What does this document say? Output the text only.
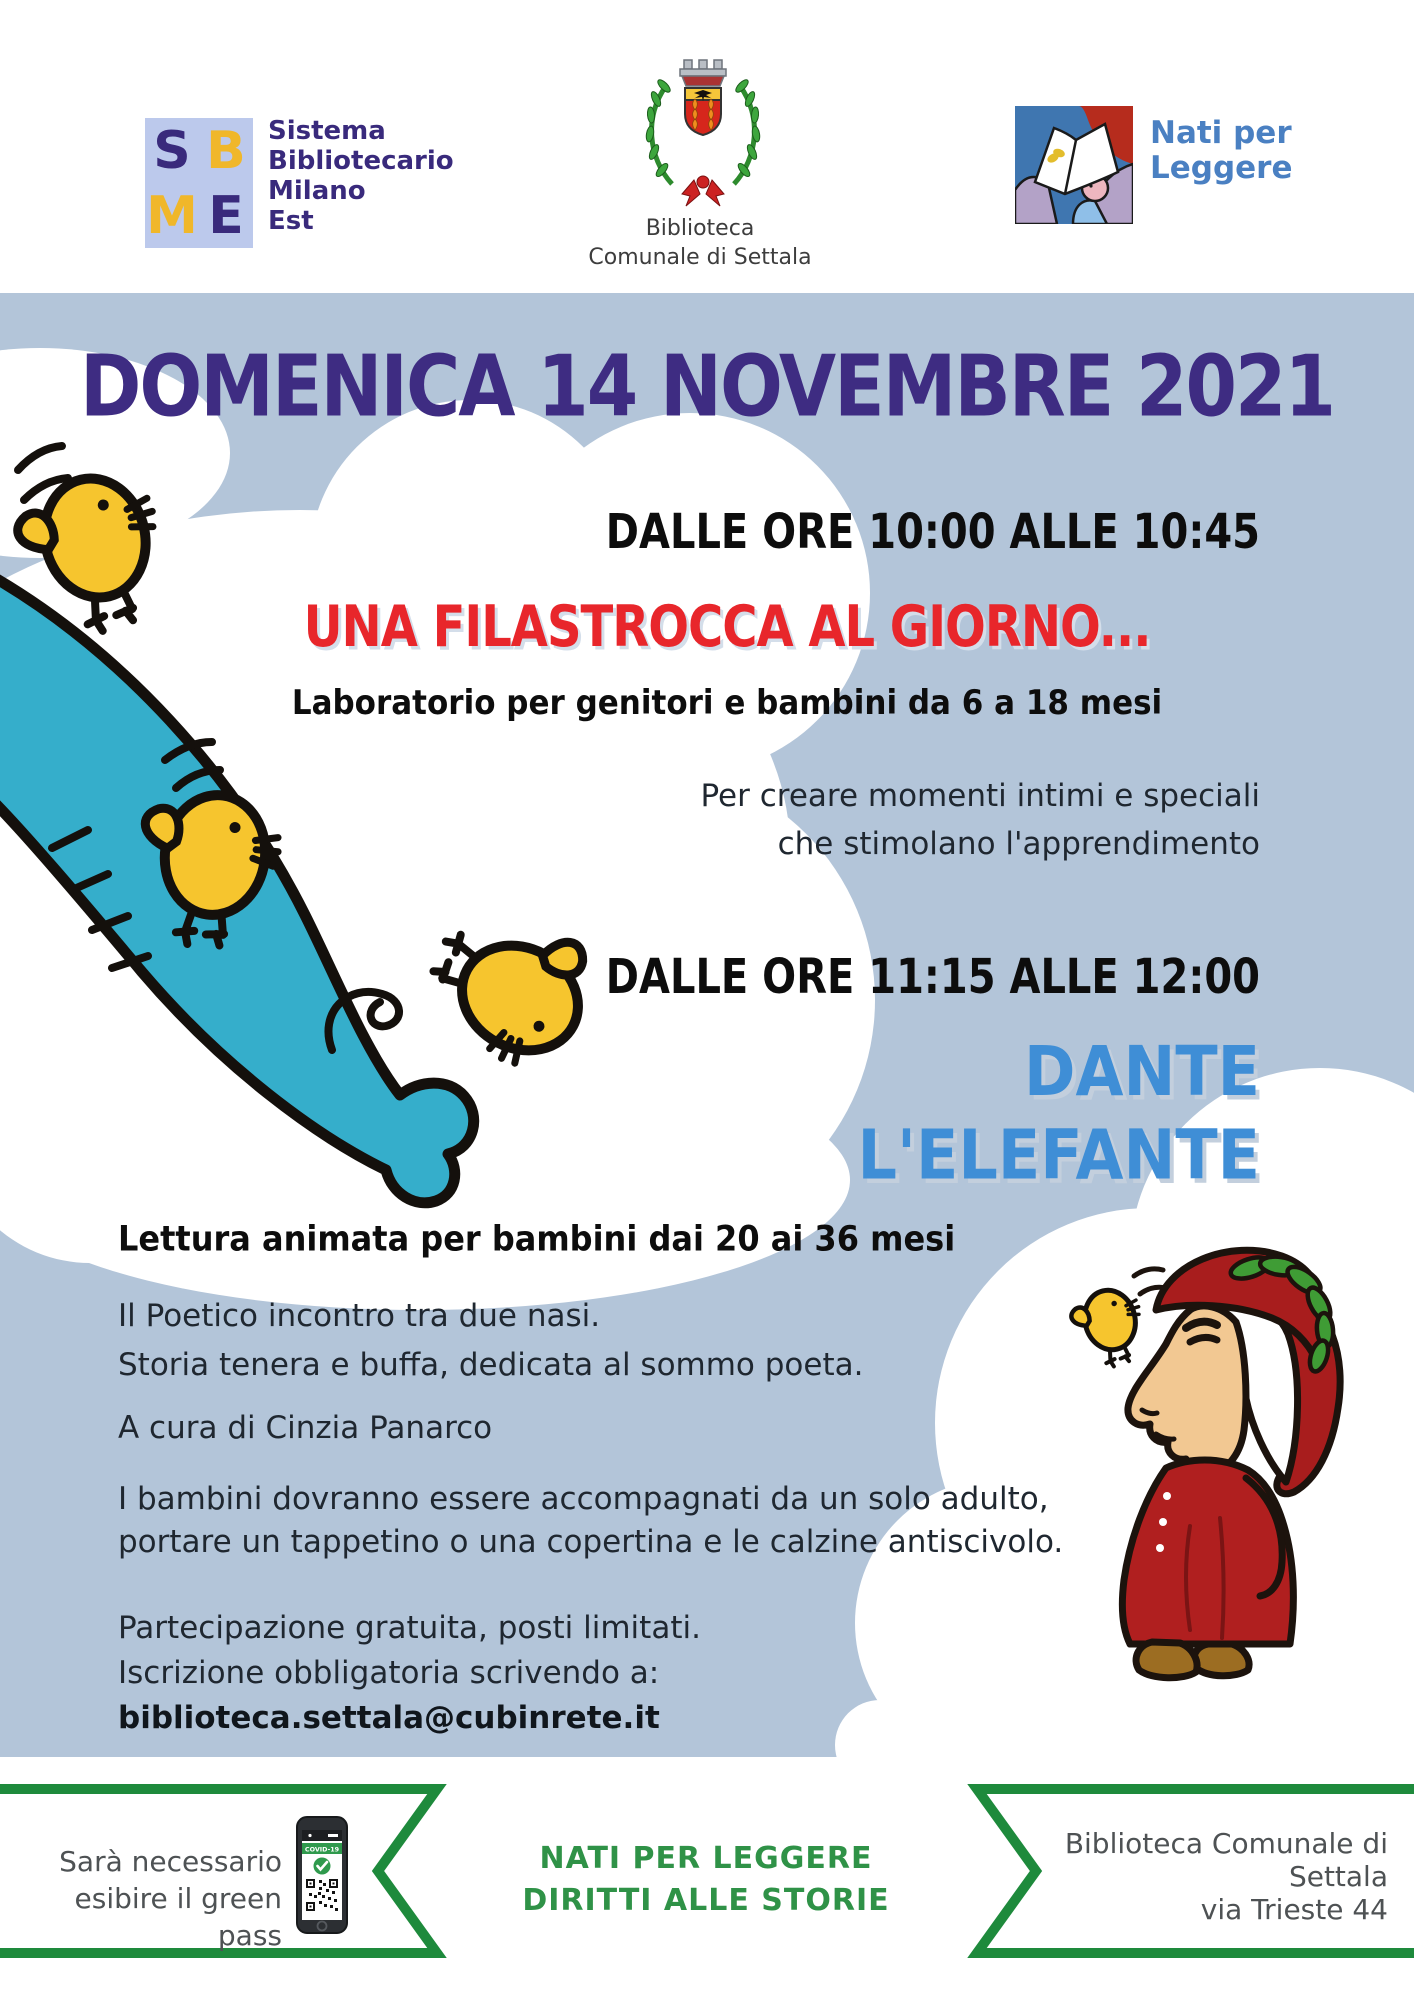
S B
M E
Sistema
Bibliotecario
Milano
Est	Biblioteca
Comunale di Settala
Nati per
Leggere
DOMENICA 14 NOVEMBRE 2021
DALLE ORE 10:00 ALLE 10:45
UNA FILASTROCCA AL GIORNO...
Laboratorio per genitori e bambini da 6 a 18 mesi
Per creare momenti intimi e speciali
che stimolano l'apprendimento
DALLE ORE 11:15 ALLE 12:00
DANTE
L'ELEFANTE
Lettura animata per bambini dai 20 ai 36 mesi
Il Poetico incontro tra due nasi.
Storia tenera e buffa, dedicata al sommo poeta.
A cura di Cinzia Panarco
I bambini dovranno essere accompagnati da un solo adulto,
portare un tappetino o una copertina e le calzine antiscivolo.
Partecipazione gratuita, posti limitati.
Iscrizione obbligatoria scrivendo a:
biblioteca.settala@cubinrete.it
Sarà necessario
esibire il green pass
COVID-19	NATI PER LEGGERE
DIRITTI ALLE STORIE
Biblioteca Comunale di
Settala
via Trieste 44
